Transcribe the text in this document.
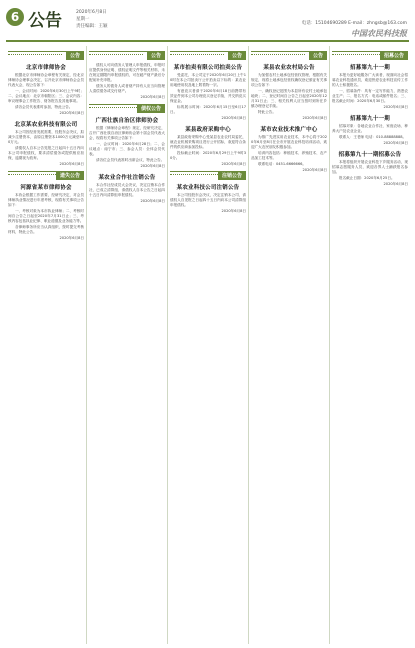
6 公告	2020年6月8日
星期一
责任编辑：王颖
电话：15104690289 E-mail：zhngsb@163.com
中国农民科技报
公告
北京市律师协会

根据北京市律师协会章程有关规定，经北京律师协会理事会决定，召开北京市律师协会会员代表大会，现公告如下：

一、会议时间：2020年6月30日上午9时；二、会议地点：北京市朝阳区；三、会议内容：审议理事会工作报告、财务报告及其他事项。

请各会员代表准时参加，特此公告。

2020年6月8日
北京某农业科技有限公司

本公司因经营发展需要，经股东会决议，拟减少注册资本，由原注册资本1000万元减至500万元。

请债权人自本公告见报之日起四十五日内向本公司申报债权，要求清偿债务或提供相应担保，逾期视为放弃。

2020年6月8日
遗失公告
河源省某市律师协会

本协会根据工作需要，经研究决定，对会员律师执业情况进行年度考核，现将有关事项公告如下：

一、考核对象为本市执业律师；二、考核时间自公告之日起至2020年7月31日止；三、考核内容包括执业纪律、职业道德及业务能力等。

各律师事务所应当认真组织，按时提交考核材料，特此公告。

2020年6月8日
公告

债权人可向债务人管理人申报债权，申报时应提供身份证明、债权证明文件等相关材料，未在规定期限内申报债权的，可在破产财产最后分配前补充申报。

债务人的债务人或者财产持有人应当向管理人清偿债务或交付财产。

2020年6月8日
债权公告
广西壮族自治区律师协会

根据《律师协会章程》规定，经研究决定，召开广西壮族自治区律师协会第十届会员代表大会，现将有关事项公告如下：

一、会议时间：2020年6月28日；二、会议地点：南宁市；三、参会人员：全体会员代表。

请各位会员代表准时出席会议，特此公告。

2020年6月8日
某农业合作社注销公告

本合作社经成员大会决议，决定注销本合作社，已成立清算组，请债权人自本公告之日起四十五日内向清算组申报债权。

2020年6月8日
公告
某市拍卖有限公司拍卖公告

受委托，本公司定于2020年6月20日上午10时在本公司拍卖厅公开拍卖以下标的：某农业用地使用权及地上附着物一宗。

有意竞买者请于2020年6月18日前携带有效证件到本公司办理竞买登记手续，并交纳竞买保证金。

标的展示时间：2020年6月15日至6月17日。

2020年6月8日
某县政府采购中心

某县政府采购中心受某县农业农村局委托，就农业机械采购项目进行公开招标，欢迎符合条件的供应商参加投标。

投标截止时间：2020年6月29日上午9时30分。

2020年6月8日
注销公告
某农业科技公司注销公告

本公司经股东会决议，决定注销本公司，请债权人自见报之日起四十五日内向本公司清算组申报债权。

2020年6月8日
公告
某县农业农村局公告

为加强农村土地承包经营权管理，根据有关规定，现将土地承包经营权确权登记颁证有关事项公告如下：

一、确权登记范围为本县所有农村土地承包地块；二、登记时间自公告之日起至2020年12月31日止；三、相关权利人应当按时到所在乡镇办理登记手续。

特此公告。

2020年6月8日
某市农业技术推广中心

为推广先进实用农业技术，本中心将于2020年6月至8月在全市开展农业科技培训活动，欢迎广大农民朋友积极参加。

培训内容包括：种植技术、养殖技术、农产品加工技术等。

联系电话：0451-6666666。

2020年6月8日
招募公告
招募第九十一期

本报为更好地服务广大读者，现面向社会招募农业科技通讯员，欢迎热爱农业科技宣传工作的人士积极报名。

一、招募条件：具有一定写作能力，熟悉农业生产；二、报名方式：电话或邮件报名；三、报名截止时间：2020年6月30日。

2020年6月8日
招募第九十一期

招募对象：各地农业合作社、家庭农场、种养大户及农业企业。

联系人：王老师 电话：010-88888888。

2020年6月8日
招募第九十一期招募公告

本报将组织开展农业科技下乡服务活动，现招募志愿服务人员，欢迎各界人士踊跃报名参加。

报名截止日期：2020年6月25日。

2020年6月8日
